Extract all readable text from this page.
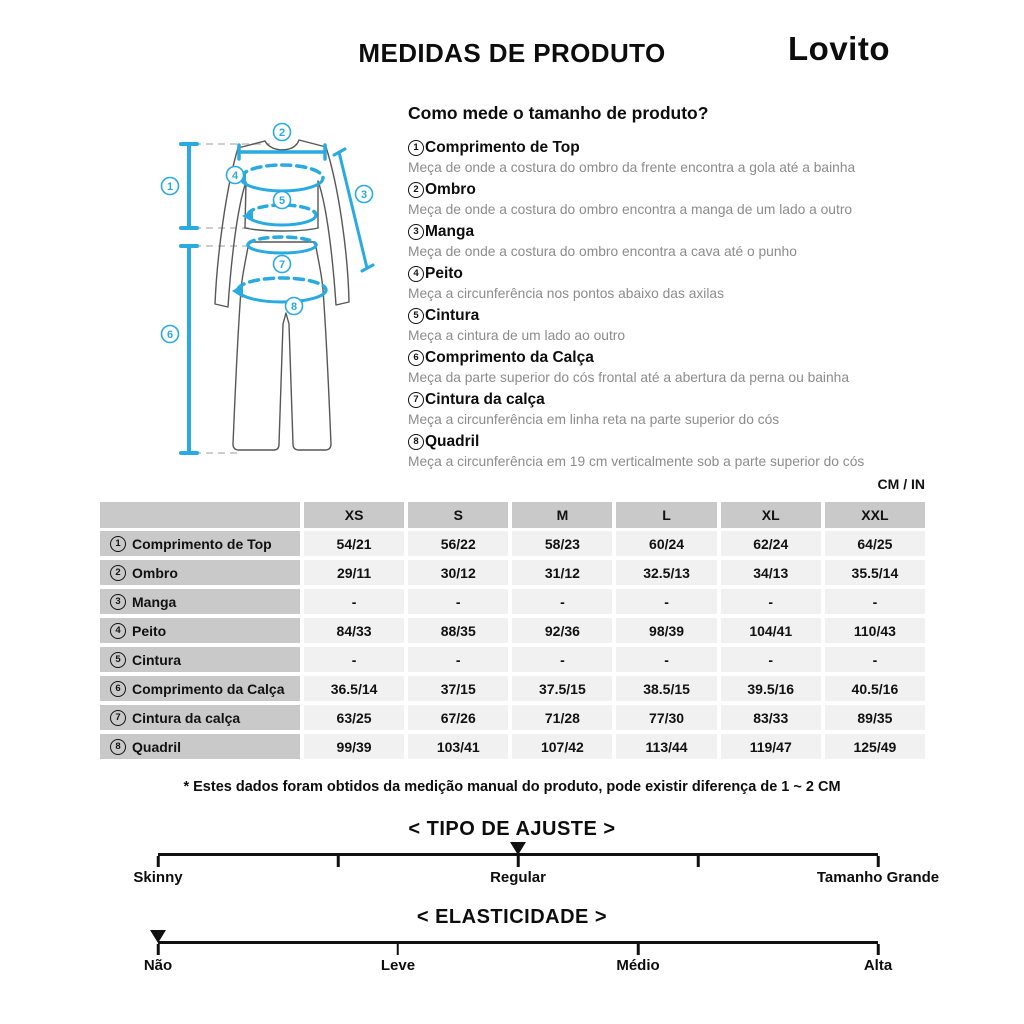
MEDIDAS DE PRODUTO	Lovito
1
2
3
4
5
6
7
8
Como mede o tamanho de produto?
1 Comprimento de Top
Meça de onde a costura do ombro da frente encontra a gola até a bainha
2 Ombro
Meça de onde a costura do ombro encontra a manga de um lado a outro
3 Manga
Meça de onde a costura do ombro encontra a cava até o punho
4 Peito
Meça a circunferência nos pontos abaixo das axilas
5 Cintura
Meça a cintura de um lado ao outro
6 Comprimento da Calça
Meça da parte superior do cós frontal até a abertura da perna ou bainha
7 Cintura da calça
Meça a circunferência em linha reta na parte superior do cós
8 Quadril
Meça a circunferência em 19 cm verticalmente sob a parte superior do cós
CM / IN
XS	S	M	L	XL	XXL
1 Comprimento de Top	54/21	56/22	58/23	60/24	62/24	64/25
2 Ombro	29/11	30/12	31/12	32.5/13	34/13	35.5/14
3 Manga	-	-	-	-	-	-
4 Peito	84/33	88/35	92/36	98/39	104/41	110/43
5 Cintura	-	-	-	-	-	-
6 Comprimento da Calça	36.5/14	37/15	37.5/15	38.5/15	39.5/16	40.5/16
7 Cintura da calça	63/25	67/26	71/28	77/30	83/33	89/35
8 Quadril	99/39	103/41	107/42	113/44	119/47	125/49
* Estes dados foram obtidos da medição manual do produto, pode existir diferença de 1 ~ 2 CM
< TIPO DE AJUSTE >
Skinny	Regular	Tamanho Grande
< ELASTICIDADE >
Não	Leve	Médio	Alta
